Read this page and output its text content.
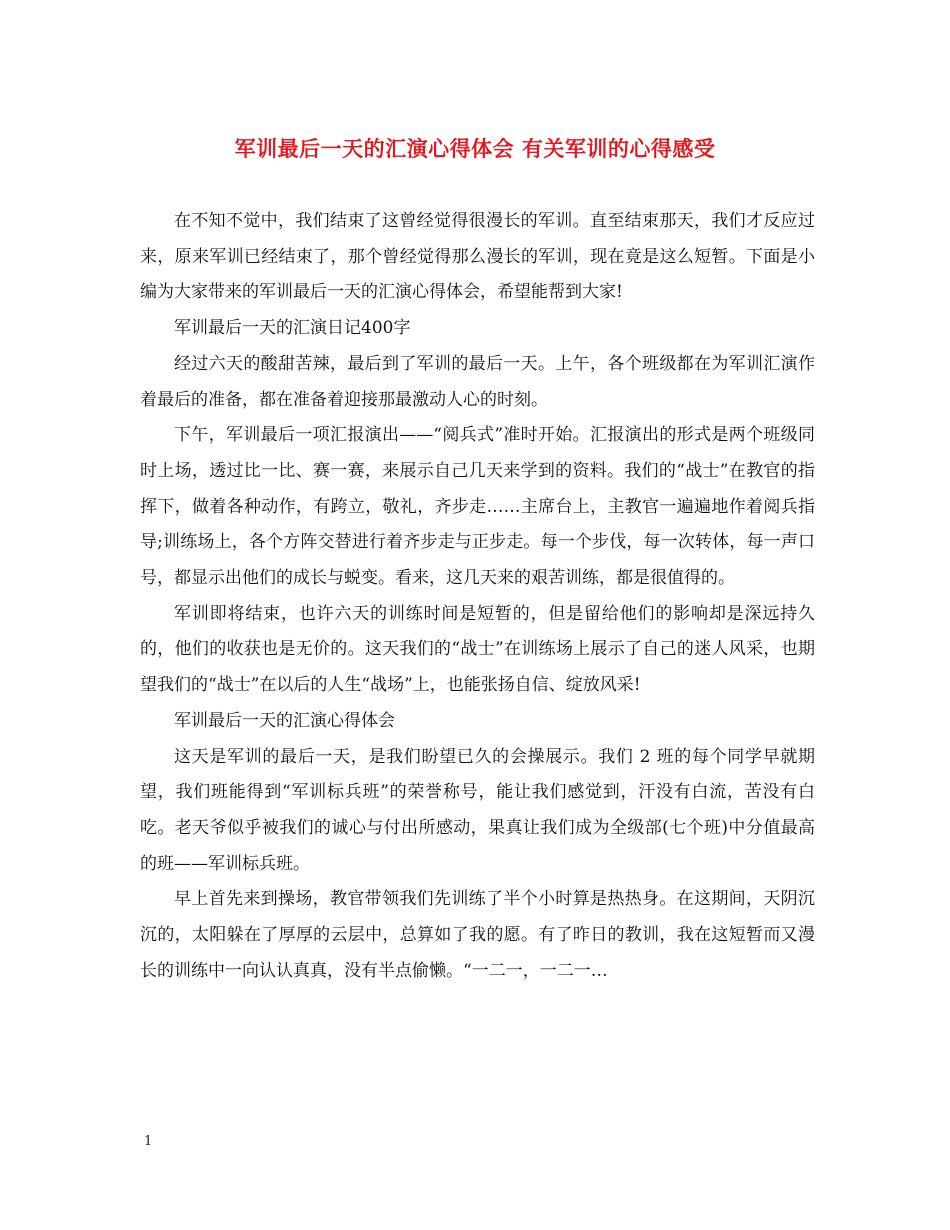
军训最后一天的汇演心得体会 有关军训的心得感受

在不知不觉中，我们结束了这曾经觉得很漫长的军训。直至结束那天，我们才反应过来，原来军训已经结束了，那个曾经觉得那么漫长的军训，现在竟是这么短暂。下面是小编为大家带来的军训最后一天的汇演心得体会，希望能帮到大家!

军训最后一天的汇演日记400字

经过六天的酸甜苦辣，最后到了军训的最后一天。上午，各个班级都在为军训汇演作着最后的准备，都在准备着迎接那最激动人心的时刻。

下午，军训最后一项汇报演出——“阅兵式”准时开始。汇报演出的形式是两个班级同时上场，透过比一比、赛一赛，来展示自己几天来学到的资料。我们的“战士”在教官的指挥下，做着各种动作，有跨立，敬礼，齐步走……主席台上，主教官一遍遍地作着阅兵指导;训练场上，各个方阵交替进行着齐步走与正步走。每一个步伐，每一次转体，每一声口号，都显示出他们的成长与蜕变。看来，这几天来的艰苦训练，都是很值得的。

军训即将结束，也许六天的训练时间是短暂的，但是留给他们的影响却是深远持久的，他们的收获也是无价的。这天我们的“战士”在训练场上展示了自己的迷人风采，也期望我们的“战士”在以后的人生“战场”上，也能张扬自信、绽放风采!

军训最后一天的汇演心得体会

这天是军训的最后一天，是我们盼望已久的会操展示。我们 2 班的每个同学早就期望，我们班能得到“军训标兵班”的荣誉称号，能让我们感觉到，汗没有白流，苦没有白吃。老天爷似乎被我们的诚心与付出所感动，果真让我们成为全级部(七个班)中分值最高的班——军训标兵班。

早上首先来到操场，教官带领我们先训练了半个小时算是热热身。在这期间，天阴沉沉的，太阳躲在了厚厚的云层中，总算如了我的愿。有了昨日的教训，我在这短暂而又漫长的训练中一向认认真真，没有半点偷懒。“一二一，一二一…

1
